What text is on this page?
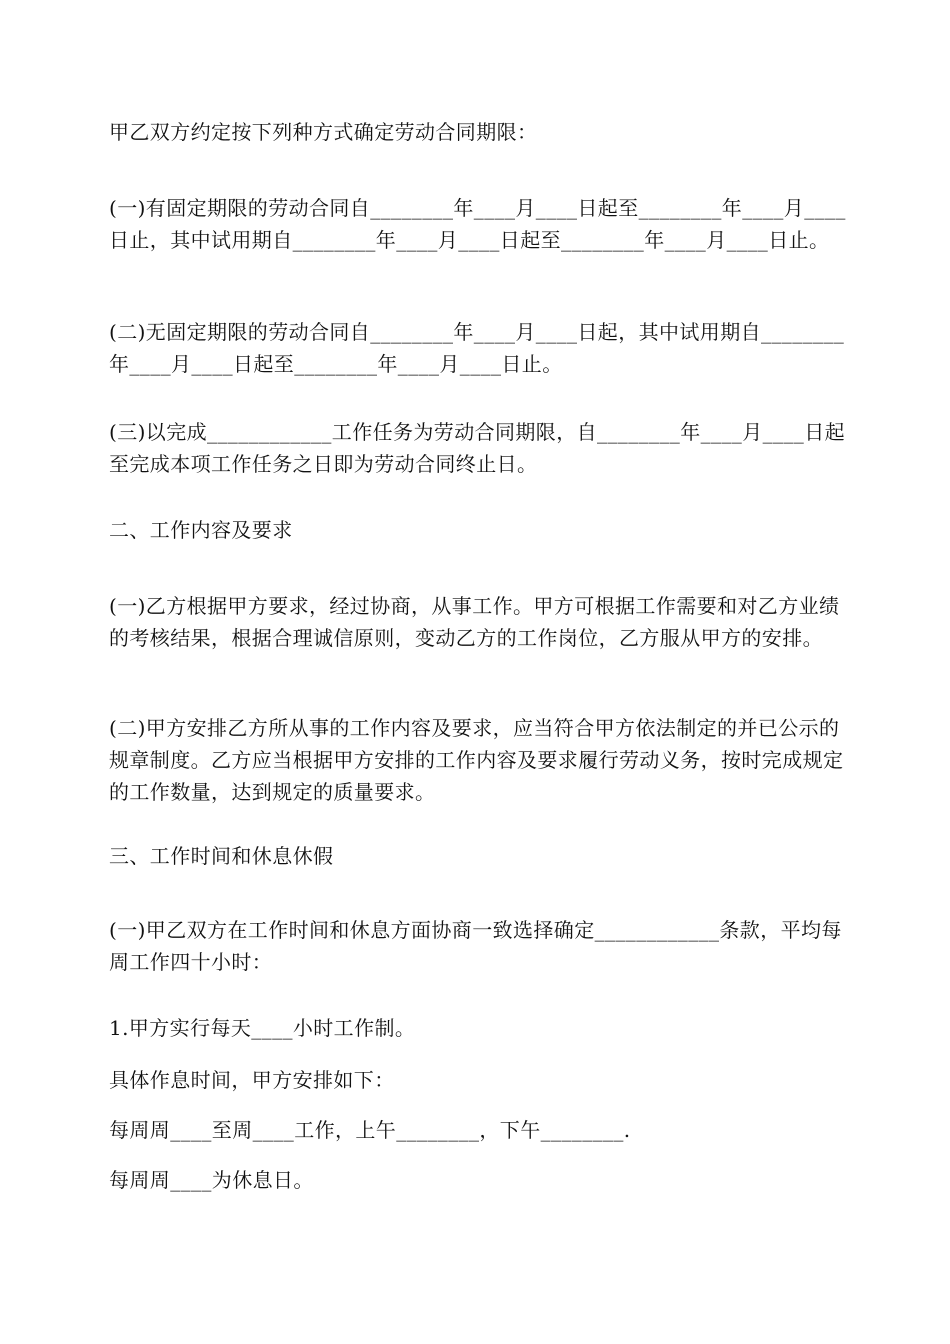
甲乙双方约定按下列种方式确定劳动合同期限：

(一)有固定期限的劳动合同自________年____月____日起至________年____月____日止，其中试用期自________年____月____日起至________年____月____日止。

(二)无固定期限的劳动合同自________年____月____日起，其中试用期自________年____月____日起至________年____月____日止。

(三)以完成____________工作任务为劳动合同期限，自________年____月____日起至完成本项工作任务之日即为劳动合同终止日。

二、工作内容及要求

(一)乙方根据甲方要求，经过协商，从事工作。甲方可根据工作需要和对乙方业绩的考核结果，根据合理诚信原则，变动乙方的工作岗位，乙方服从甲方的安排。

(二)甲方安排乙方所从事的工作内容及要求，应当符合甲方依法制定的并已公示的规章制度。乙方应当根据甲方安排的工作内容及要求履行劳动义务，按时完成规定的工作数量，达到规定的质量要求。

三、工作时间和休息休假

(一)甲乙双方在工作时间和休息方面协商一致选择确定____________条款，平均每周工作四十小时：

1.甲方实行每天____小时工作制。

具体作息时间，甲方安排如下：

每周周____至周____工作，上午________，下午________.

每周周____为休息日。
